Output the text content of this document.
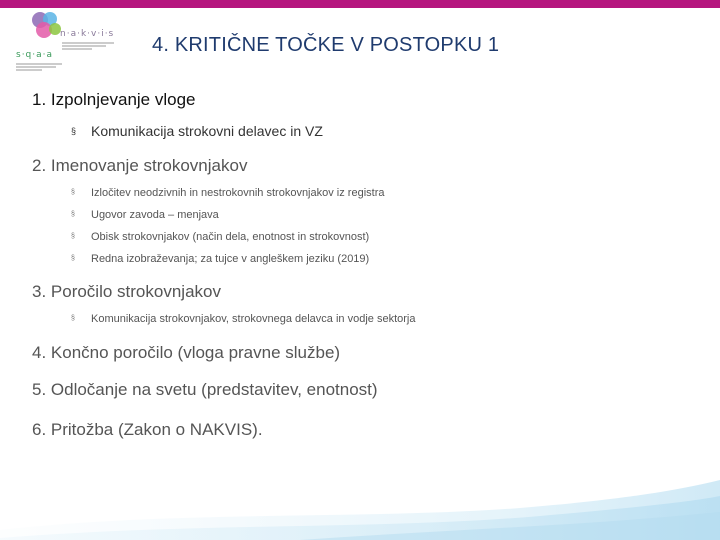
n·a·k·v·i·s
s·q·a·a	4. KRITIČNE TOČKE V POSTOPKU 1
1. Izpolnjevanje vloge
§ Komunikacija strokovni delavec in VZ
2. Imenovanje strokovnjakov
§ Izločitev neodzivnih in nestrokovnih strokovnjakov iz registra
§ Ugovor zavoda – menjava
§ Obisk strokovnjakov (način dela, enotnost in strokovnost)
§ Redna izobraževanja; za tujce v angleškem jeziku (2019)
3. Poročilo strokovnjakov
§ Komunikacija strokovnjakov, strokovnega delavca in vodje sektorja
4. Končno poročilo (vloga pravne službe)
5. Odločanje na svetu (predstavitev, enotnost)
6. Pritožba (Zakon o NAKVIS).
